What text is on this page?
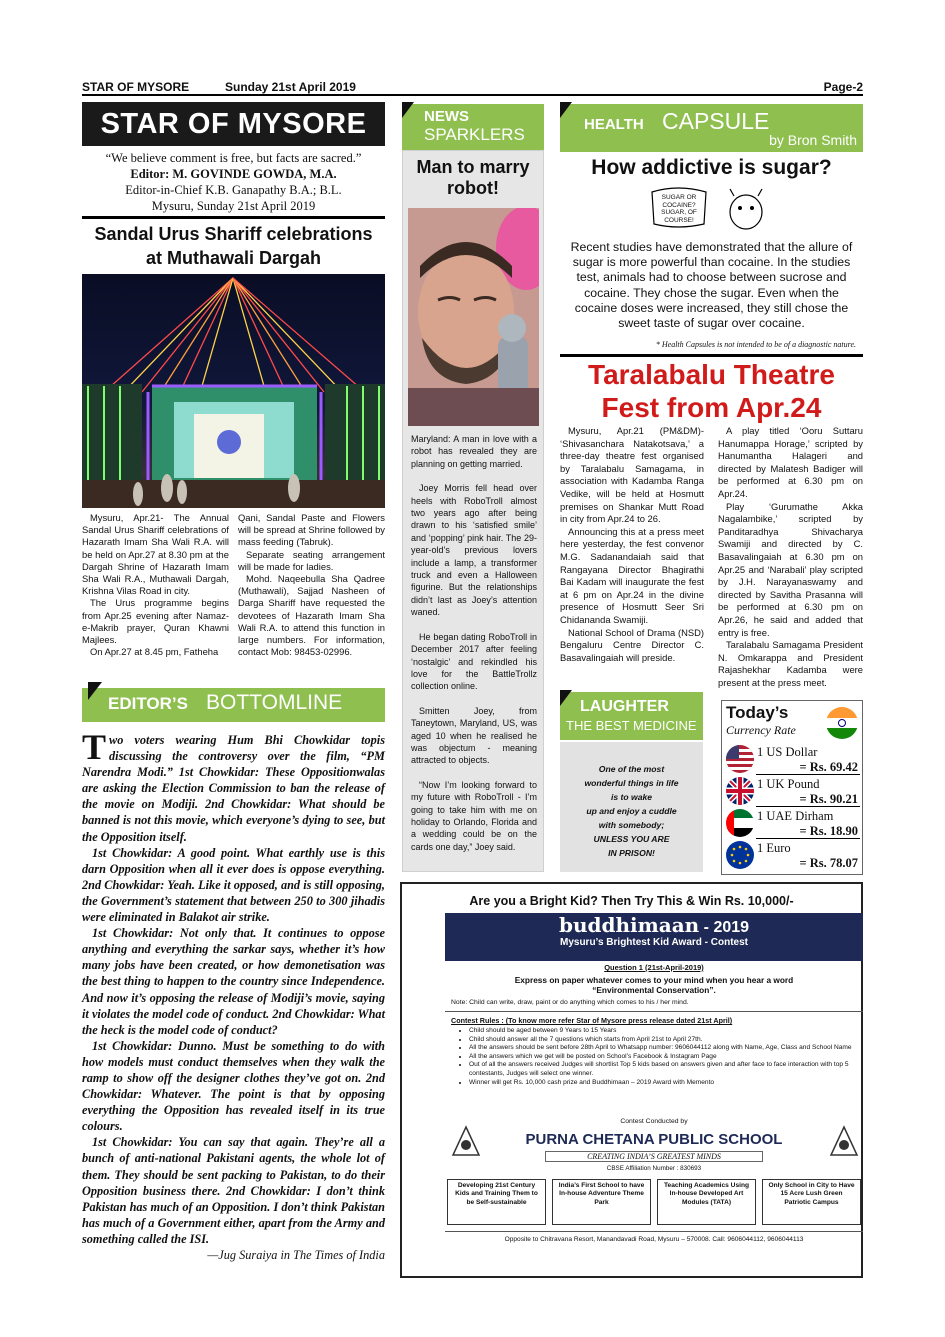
STAR OF MYSORE	Sunday 21st April 2019	Page-2
STAR OF MYSORE
“We believe comment is free, but facts are sacred.”
Editor: M. GOVINDE GOWDA, M.A.
Editor-in-Chief K.B. Ganapathy B.A.; B.L.
Mysuru, Sunday 21st April 2019
Sandal Urus Shariff celebrations
at Muthawali Dargah

Mysuru, Apr.21- The Annual Sandal Urus Shariff celebrations of Hazarath Imam Sha Wali R.A. will be held on Apr.27 at 8.30 pm at the Dargah Shrine of Hazarath Imam Sha Wali R.A., Muthawali Dargah, Krishna Vilas Road in city.

The Urus programme begins from Apr.25 evening after Namaz-e-Makrib prayer, Quran Khawni Majlees.

On Apr.27 at 8.45 pm, Fatheha

Qani, Sandal Paste and Flowers will be spread at Shrine followed by mass feeding (Tabruk).

Separate seating arrangement will be made for ladies.

Mohd. Naqeebulla Sha Qadree (Muthawali), Sajjad Nasheen of Darga Shariff have requested the devotees of Hazarath Imam Sha Wali R.A. to attend this function in large numbers. For information, contact Mob: 98453-02996.

EDITOR’S BOTTOMLINE

Two voters wearing Hum Bhi Chowkidar topis discussing the controversy over the film, “PM Narendra Modi.” 1st Chowkidar: These Oppositionwalas are asking the Election Commission to ban the release of the movie on Modiji. 2nd Chowkidar: What should be banned is not this movie, which everyone’s dying to see, but the Opposition itself.

1st Chowkidar: A good point. What earthly use is this darn Opposition when all it ever does is oppose everything. 2nd Chowkidar: Yeah. Like it opposed, and is still opposing, the Government’s statement that between 250 to 300 jihadis were eliminated in Balakot air strike.

1st Chowkidar: Not only that. It continues to oppose anything and everything the sarkar says, whether it’s how many jobs have been created, or how demonetisation was the best thing to happen to the country since Independence. And now it’s opposing the release of Modiji’s movie, saying it violates the model code of conduct. 2nd Chowkidar: What the heck is the model code of conduct?

1st Chowkidar: Dunno. Must be something to do with how models must conduct themselves when they walk the ramp to show off the designer clothes they’ve got on. 2nd Chowkidar: Whatever. The point is that by opposing everything the Opposition has revealed itself in its true colours.

1st Chowkidar: You can say that again. They’re all a bunch of anti-national Pakistani agents, the whole lot of them. They should be sent packing to Pakistan, to do their Opposition business there. 2nd Chowkidar: I don’t think Pakistan has much of an Opposition. I don’t think Pakistan has much of a Government either, apart from the Army and something called the ISI.

—Jug Suraiya in The Times of India
NEWS
SPARKLERS
Man to marry
robot!

Maryland: A man in love with a robot has revealed they are planning on getting married.

Joey Morris fell head over heels with RoboTroll almost two years ago after being drawn to his ‘satisfied smile’ and ‘popping’ pink hair. The 29-year-old’s previous lovers include a lamp, a transformer truck and even a Halloween figurine. But the relationships didn’t last as Joey’s attention waned.

He began dating RoboTroll in December 2017 after feeling ‘nostalgic’ and rekindled his love for the BattleTrollz collection online.

Smitten Joey, from Taneytown, Maryland, US, was aged 10 when he realised he was objectum - meaning attracted to objects.

“Now I’m looking forward to my future with RoboTroll - I’m going to take him with me on holiday to Orlando, Florida and a wedding could be on the cards one day,” Joey said.

HEALTH CAPSULE
by Bron Smith
How addictive is sugar?
SUGAR OR COCAINE? SUGAR, OF COURSE!
Recent studies have demonstrated that the allure of sugar is more powerful than cocaine. In the studies test, animals had to choose between sucrose and cocaine. They chose the sugar. Even when the cocaine doses were increased, they still chose the sweet taste of sugar over cocaine.
* Health Capsules is not intended to be of a diagnostic nature.
Taralabalu Theatre
Fest from Apr.24

Mysuru, Apr.21 (PM&DM)- ‘Shivasanchara Natakotsava,’ a three-day theatre fest organised by Taralabalu Samagama, in association with Kadamba Ranga Vedike, will be held at Hosmutt premises on Shankar Mutt Road in city from Apr.24 to 26.

Announcing this at a press meet here yesterday, the fest convenor M.G. Sadanandaiah said that Rangayana Director Bhagirathi Bai Kadam will inaugurate the fest at 6 pm on Apr.24 in the divine presence of Hosmutt Seer Sri Chidananda Swamiji.

National School of Drama (NSD) Bengaluru Centre Director C. Basavalingaiah will preside.

A play titled ‘Ooru Suttaru Hanumappa Horage,’ scripted by Hanumantha Halageri and directed by Malatesh Badiger will be performed at 6.30 pm on Apr.24.

Play ‘Gurumathe Akka Nagalambike,’ scripted by Panditaradhya Shivacharya Swamiji and directed by C. Basavalingaiah at 6.30 pm on Apr.25 and ‘Narabali’ play scripted by J.H. Narayanaswamy and directed by Savitha Prasanna will be performed at 6.30 pm on Apr.26, he said and added that entry is free.

Taralabalu Samagama President N. Omkarappa and President Rajashekhar Kadamba were present at the press meet.

LAUGHTER
THE BEST MEDICINE
One of the most
wonderful things in life
is to wake
up and enjoy a cuddle
with somebody;
UNLESS YOU ARE
IN PRISON!
Today’s
Currency Rate
1 US Dollar
= Rs. 69.42
1 UK Pound
= Rs. 90.21
1 UAE Dirham
= Rs. 18.90
1 Euro
= Rs. 78.07
Are you a Bright Kid? Then Try This & Win Rs. 10,000/-
buddhimaan - 2019
Mysuru’s Brightest Kid Award - Contest
Question 1 (21st-April-2019)
Express on paper whatever comes to your mind when you hear a word
“Environmental Conservation”.
Note: Child can write, draw, paint or do anything which comes to his / her mind.
Contest Rules : (To know more refer Star of Mysore press release dated 21st April)
• Child should be aged between 9 Years to 15 Years
• Child should answer all the 7 questions which starts from April 21st to April 27th.
• All the answers should be sent before 28th April to Whatsapp number: 9606044112 along with Name, Age, Class and School Name
• All the answers which we get will be posted on School’s Facebook & Instagram Page
• Out of all the answers received Judges will shortlist Top 5 kids based on answers given and after face to face interaction with top 5 contestants, Judges will select one winner.
• Winner will get Rs. 10,000 cash prize and Buddhimaan – 2019 Award with Memento
Contest Conducted by
PURNA CHETANA PUBLIC SCHOOL
CREATING INDIA’S GREATEST MINDS
CBSE Affiliation Number : 830693
Developing 21st Century Kids and Training Them to be Self-sustainable
India’s First School to have In-house Adventure Theme Park
Teaching Academics Using In-house Developed Art Modules (TATA)
Only School in City to Have 15 Acre Lush Green Patriotic Campus
Opposite to Chitravana Resort, Manandavadi Road, Mysuru – 570008. Call: 9606044112, 9606044113
